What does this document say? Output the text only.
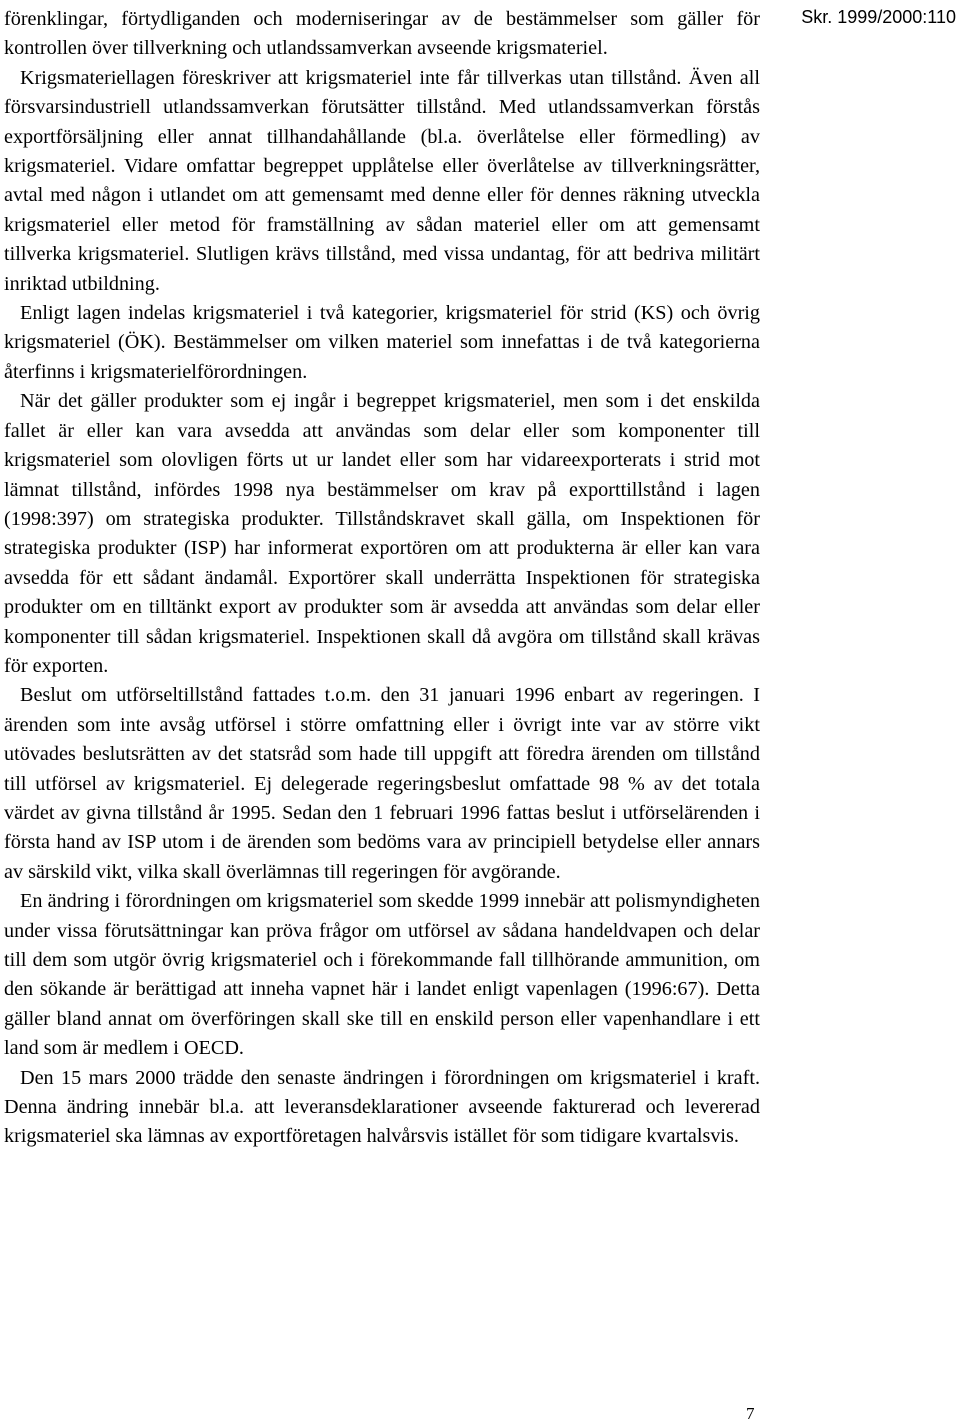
Skr. 1999/2000:110

förenklingar, förtydliganden och moderniseringar av de bestämmelser som gäller för kontrollen över tillverkning och utlandssamverkan avseende krigsmateriel.

Krigsmateriellagen föreskriver att krigsmateriel inte får tillverkas utan tillstånd. Även all försvarsindustriell utlandssamverkan förutsätter tillstånd. Med utlandssamverkan förstås exportförsäljning eller annat tillhandahållande (bl.a. överlåtelse eller förmedling) av krigsmateriel. Vidare omfattar begreppet upplåtelse eller överlåtelse av tillverkningsrätter, avtal med någon i utlandet om att gemensamt med denne eller för dennes räkning utveckla krigsmateriel eller metod för framställning av sådan materiel eller om att gemensamt tillverka krigsmateriel. Slutligen krävs tillstånd, med vissa undantag, för att bedriva militärt inriktad utbildning.

Enligt lagen indelas krigsmateriel i två kategorier, krigsmateriel för strid (KS) och övrig krigsmateriel (ÖK). Bestämmelser om vilken materiel som innefattas i de två kategorierna återfinns i krigsmaterielförordningen.

När det gäller produkter som ej ingår i begreppet krigsmateriel, men som i det enskilda fallet är eller kan vara avsedda att användas som delar eller som komponenter till krigsmateriel som olovligen förts ut ur landet eller som har vidareexporterats i strid mot lämnat tillstånd, infördes 1998 nya bestämmelser om krav på exporttillstånd i lagen (1998:397) om strategiska produkter. Tillståndskravet skall gälla, om Inspektionen för strategiska produkter (ISP) har informerat exportören om att produkterna är eller kan vara avsedda för ett sådant ändamål. Exportörer skall underrätta Inspektionen för strategiska produkter om en tilltänkt export av produkter som är avsedda att användas som delar eller komponenter till sådan krigsmateriel. Inspektionen skall då avgöra om tillstånd skall krävas för exporten.

Beslut om utförseltillstånd fattades t.o.m. den 31 januari 1996 enbart av regeringen. I ärenden som inte avsåg utförsel i större omfattning eller i övrigt inte var av större vikt utövades beslutsrätten av det statsråd som hade till uppgift att föredra ärenden om tillstånd till utförsel av krigsmateriel. Ej delegerade regeringsbeslut omfattade 98 % av det totala värdet av givna tillstånd år 1995. Sedan den 1 februari 1996 fattas beslut i utförselärenden i första hand av ISP utom i de ärenden som bedöms vara av principiell betydelse eller annars av särskild vikt, vilka skall överlämnas till regeringen för avgörande.

En ändring i förordningen om krigsmateriel som skedde 1999 innebär att polismyndigheten under vissa förutsättningar kan pröva frågor om utförsel av sådana handeldvapen och delar till dem som utgör övrig krigsmateriel och i förekommande fall tillhörande ammunition, om den sökande är berättigad att inneha vapnet här i landet enligt vapenlagen (1996:67). Detta gäller bland annat om överföringen skall ske till en enskild person eller vapenhandlare i ett land som är medlem i OECD.

Den 15 mars 2000 trädde den senaste ändringen i förordningen om krigsmateriel i kraft. Denna ändring innebär bl.a. att leveransdeklarationer avseende fakturerad och levererad krigsmateriel ska lämnas av exportföretagen halvårsvis istället för som tidigare kvartalsvis.

7
